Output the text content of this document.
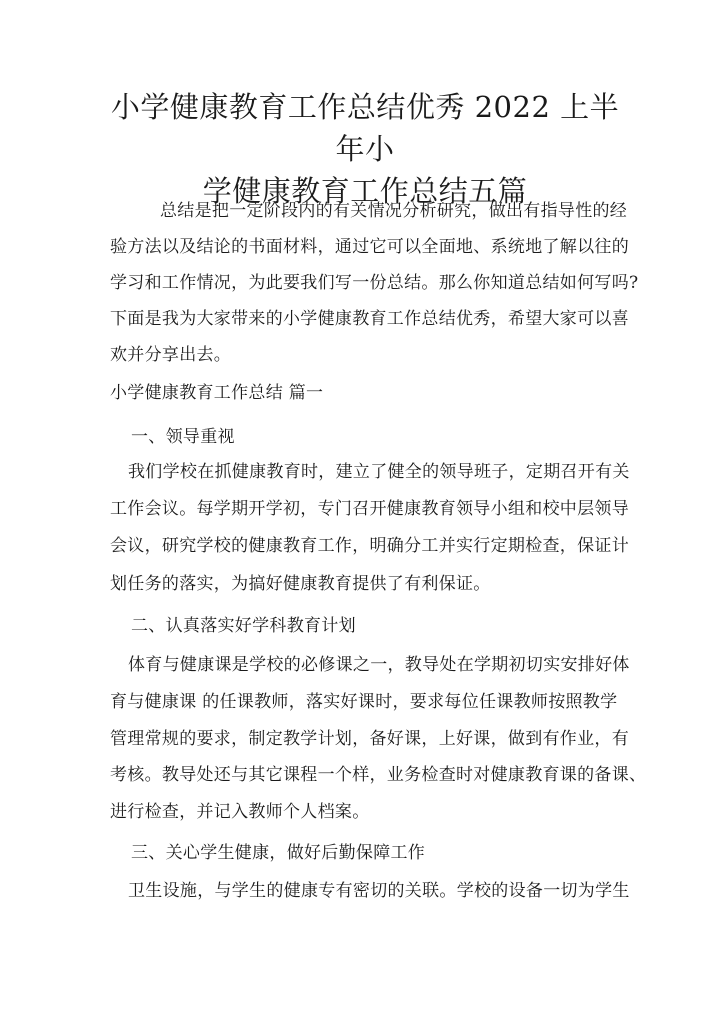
小学健康教育工作总结优秀 2022 上半年小
学健康教育工作总结五篇
总结是把一定阶段内的有关情况分析研究，做出有指导性的经
验方法以及结论的书面材料，通过它可以全面地、系统地了解以往的
学习和工作情况，为此要我们写一份总结。那么你知道总结如何写吗?
下面是我为大家带来的小学健康教育工作总结优秀，希望大家可以喜
欢并分享出去。
小学健康教育工作总结 篇一
一、领导重视
我们学校在抓健康教育时，建立了健全的领导班子，定期召开有关
工作会议。每学期开学初，专门召开健康教育领导小组和校中层领导
会议，研究学校的健康教育工作，明确分工并实行定期检查，保证计
划任务的落实，为搞好健康教育提供了有利保证。
二、认真落实好学科教育计划
体育与健康课是学校的必修课之一，教导处在学期初切实安排好体
育与健康课 的任课教师，落实好课时，要求每位任课教师按照教学
管理常规的要求，制定教学计划，备好课，上好课，做到有作业，有
考核。教导处还与其它课程一个样，业务检查时对健康教育课的备课、
进行检查，并记入教师个人档案。
三、关心学生健康，做好后勤保障工作
卫生设施，与学生的健康专有密切的关联。学校的设备一切为学生
